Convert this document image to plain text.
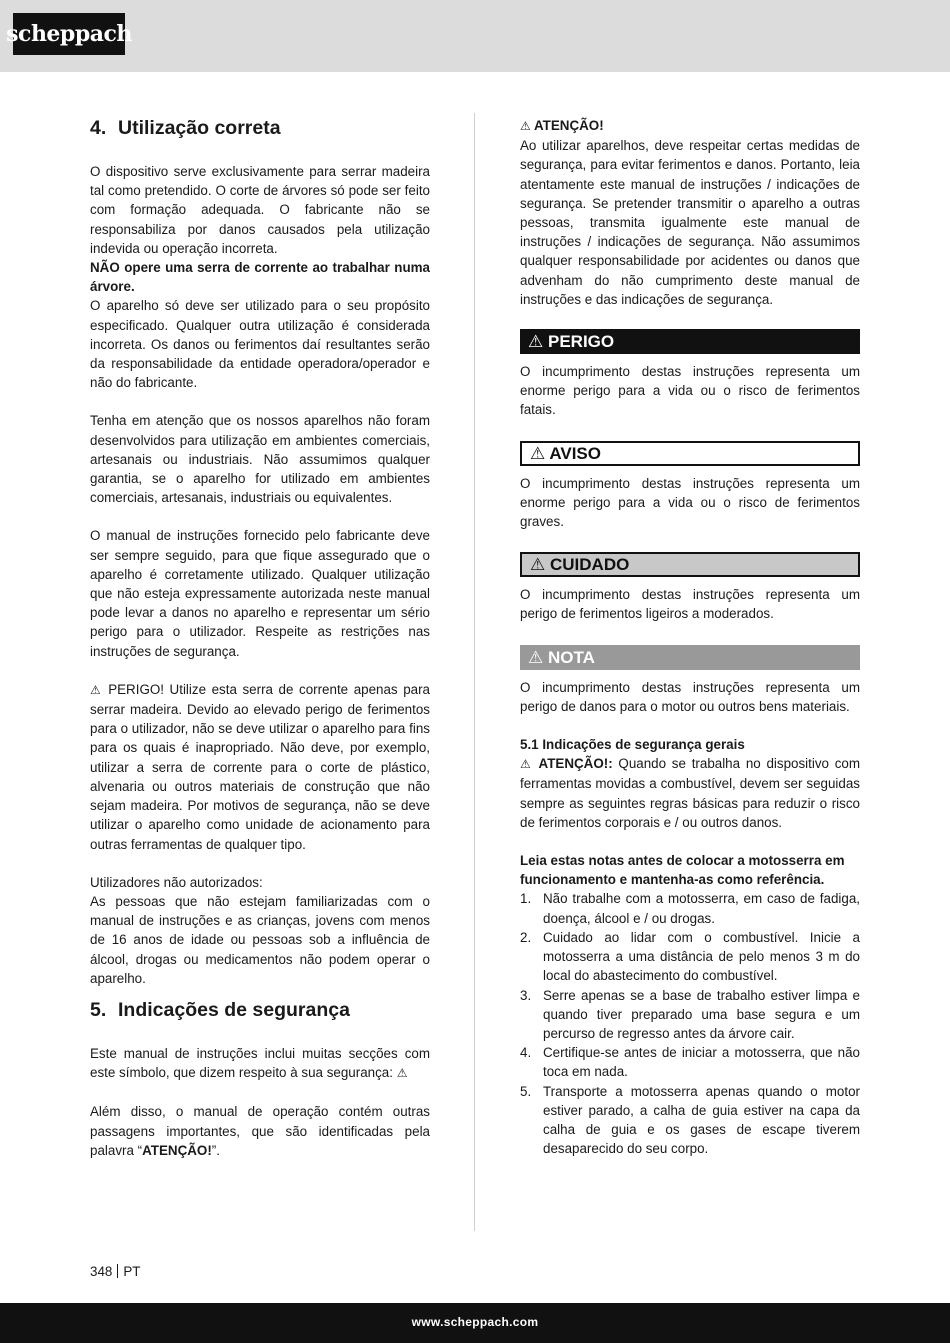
scheppach
4. Utilização correta

O dispositivo serve exclusivamente para serrar madeira tal como pretendido. O corte de árvores só pode ser feito com formação adequada. O fabricante não se responsabiliza por danos causados pela utilização indevida ou operação incorreta.

NÃO opere uma serra de corrente ao trabalhar numa árvore.

O aparelho só deve ser utilizado para o seu propósito especificado. Qualquer outra utilização é considerada incorreta. Os danos ou ferimentos daí resultantes serão da responsabilidade da entidade operadora/operador e não do fabricante.

Tenha em atenção que os nossos aparelhos não foram desenvolvidos para utilização em ambientes comerciais, artesanais ou industriais. Não assumimos qualquer garantia, se o aparelho for utilizado em ambientes comerciais, artesanais, industriais ou equivalentes.

O manual de instruções fornecido pelo fabricante deve ser sempre seguido, para que fique assegurado que o aparelho é corretamente utilizado. Qualquer utilização que não esteja expressamente autorizada neste manual pode levar a danos no aparelho e representar um sério perigo para o utilizador. Respeite as restrições nas instruções de segurança.

⚠ PERIGO! Utilize esta serra de corrente apenas para serrar madeira. Devido ao elevado perigo de ferimentos para o utilizador, não se deve utilizar o aparelho para fins para os quais é inapropriado. Não deve, por exemplo, utilizar a serra de corrente para o corte de plástico, alvenaria ou outros materiais de construção que não sejam madeira. Por motivos de segurança, não se deve utilizar o aparelho como unidade de acionamento para outras ferramentas de qualquer tipo.

Utilizadores não autorizados:

As pessoas que não estejam familiarizadas com o manual de instruções e as crianças, jovens com menos de 16 anos de idade ou pessoas sob a influência de álcool, drogas ou medicamentos não podem operar o aparelho.

5. Indicações de segurança

Este manual de instruções inclui muitas secções com este símbolo, que dizem respeito à sua segurança: ⚠

Além disso, o manual de operação contém outras passagens importantes, que são identificadas pela palavra “ATENÇÃO!”.

⚠ ATENÇÃO!

Ao utilizar aparelhos, deve respeitar certas medidas de segurança, para evitar ferimentos e danos. Portanto, leia atentamente este manual de instruções / indicações de segurança. Se pretender transmitir o aparelho a outras pessoas, transmita igualmente este manual de instruções / indicações de segurança. Não assumimos qualquer responsabilidade por acidentes ou danos que advenham do não cumprimento deste manual de instruções e das indicações de segurança.

⚠ PERIGO

O incumprimento destas instruções representa um enorme perigo para a vida ou o risco de ferimentos fatais.

⚠ AVISO

O incumprimento destas instruções representa um enorme perigo para a vida ou o risco de ferimentos graves.

⚠ CUIDADO

O incumprimento destas instruções representa um perigo de ferimentos ligeiros a moderados.

⚠ NOTA

O incumprimento destas instruções representa um perigo de danos para o motor ou outros bens materiais.

5.1 Indicações de segurança gerais

⚠ ATENÇÃO!: Quando se trabalha no dispositivo com ferramentas movidas a combustível, devem ser seguidas sempre as seguintes regras básicas para reduzir o risco de ferimentos corporais e / ou outros danos.

Leia estas notas antes de colocar a motosserra em funcionamento e mantenha-as como referência.

1. Não trabalhe com a motosserra, em caso de fadiga, doença, álcool e / ou drogas.
2. Cuidado ao lidar com o combustível. Inicie a motosserra a uma distância de pelo menos 3 m do local do abastecimento do combustível.
3. Serre apenas se a base de trabalho estiver limpa e quando tiver preparado uma base segura e um percurso de regresso antes da árvore cair.
4. Certifique-se antes de iniciar a motosserra, que não toca em nada.
5. Transporte a motosserra apenas quando o motor estiver parado, a calha de guia estiver na capa da calha de guia e os gases de escape tiverem desaparecido do seu corpo.
348 PT
www.scheppach.com
